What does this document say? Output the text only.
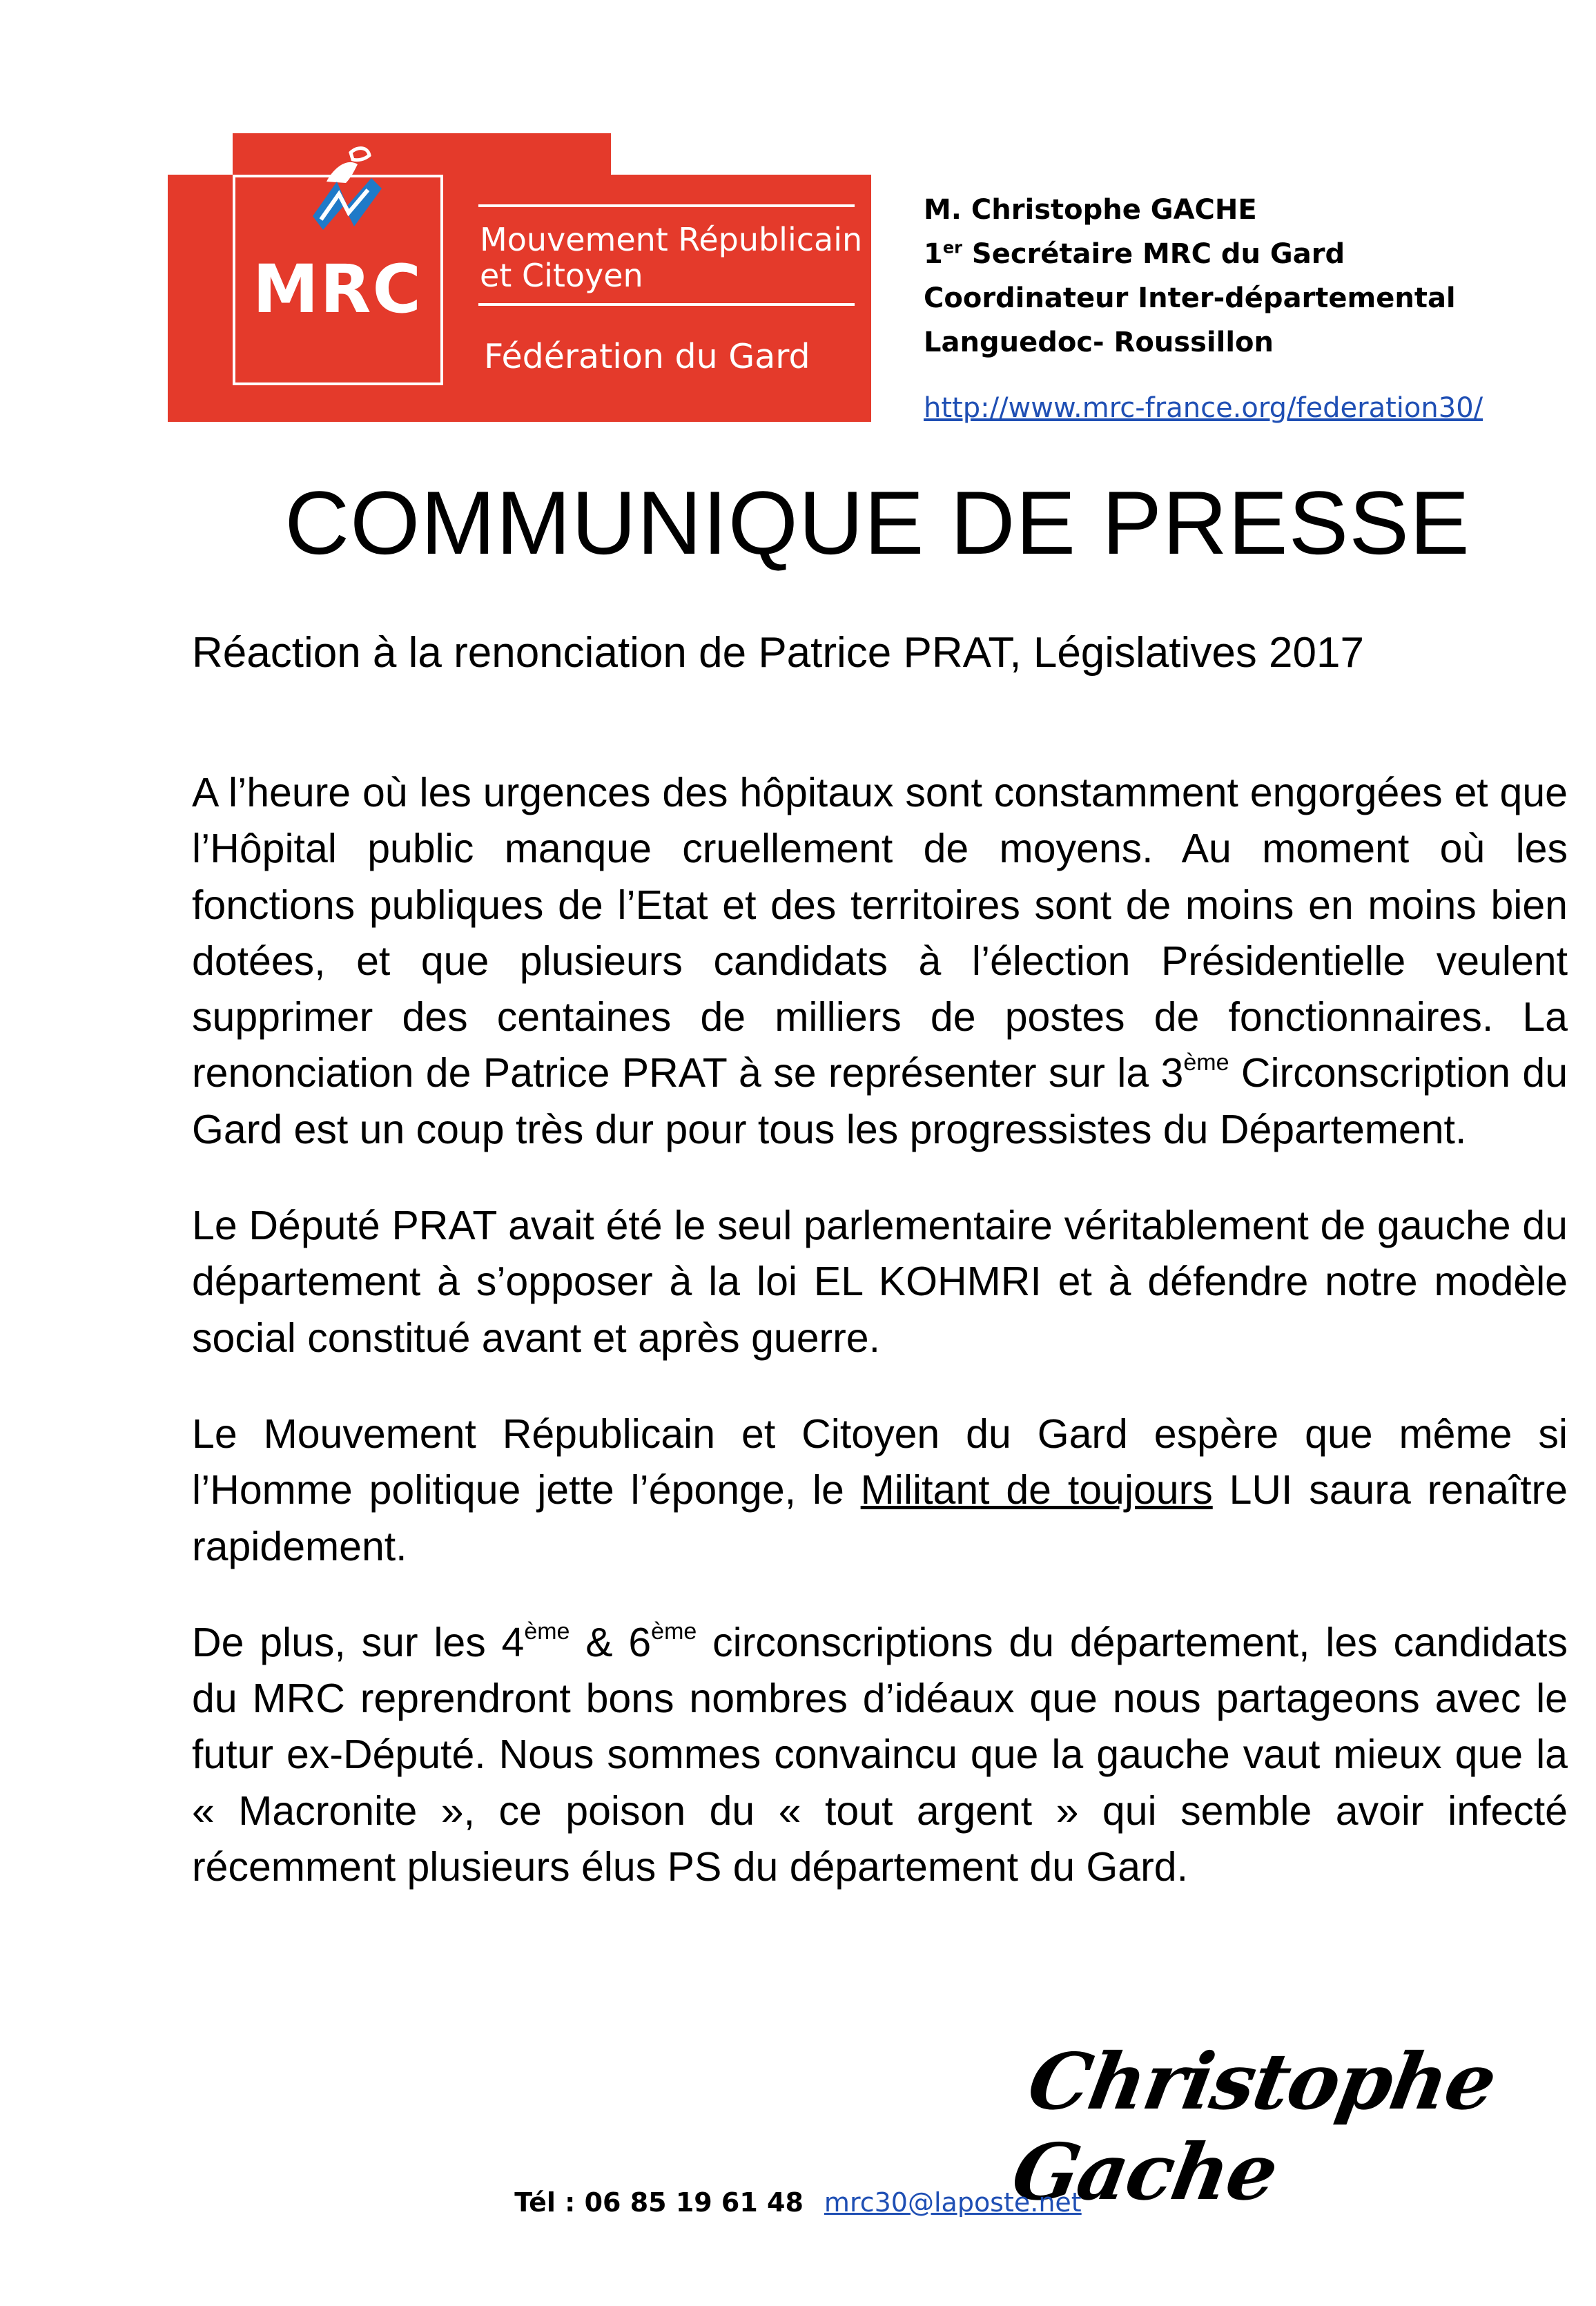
MRC
Mouvement Républicain
et Citoyen
Fédération du Gard
M. Christophe GACHE
1er Secrétaire MRC du Gard
Coordinateur Inter-départemental
Languedoc- Roussillon
http://www.mrc-france.org/federation30/
COMMUNIQUE DE PRESSE
Réaction à la renonciation de Patrice PRAT, Législatives 2017

A l’heure où les urgences des hôpitaux sont constamment engorgées et que l’Hôpital public manque cruellement de moyens. Au moment où les fonctions publiques de l’Etat et des territoires sont de moins en moins bien dotées, et que plusieurs candidats à l’élection Présidentielle veulent supprimer des centaines de milliers de postes de fonctionnaires. La renonciation de Patrice PRAT à se représenter sur la 3ème Circonscription du Gard est un coup très dur pour tous les progressistes du Département.

Le Député PRAT avait été le seul parlementaire véritablement de gauche du département à s’opposer à la loi EL KOHMRI et à défendre notre modèle social constitué avant et après guerre.

Le Mouvement Républicain et Citoyen du Gard espère que même si l’Homme politique jette l’éponge, le Militant de toujours LUI saura renaître rapidement.

De plus, sur les 4ème & 6ème circonscriptions du département, les candidats du MRC reprendront bons nombres d’idéaux que nous partageons avec le futur ex-Député. Nous sommes convaincu que la gauche vaut mieux que la « Macronite », ce poison du « tout argent » qui semble avoir infecté récemment plusieurs élus PS du département du Gard.

Christophe Gache
Tél : 06 85 19 61 48 mrc30@laposte.net
